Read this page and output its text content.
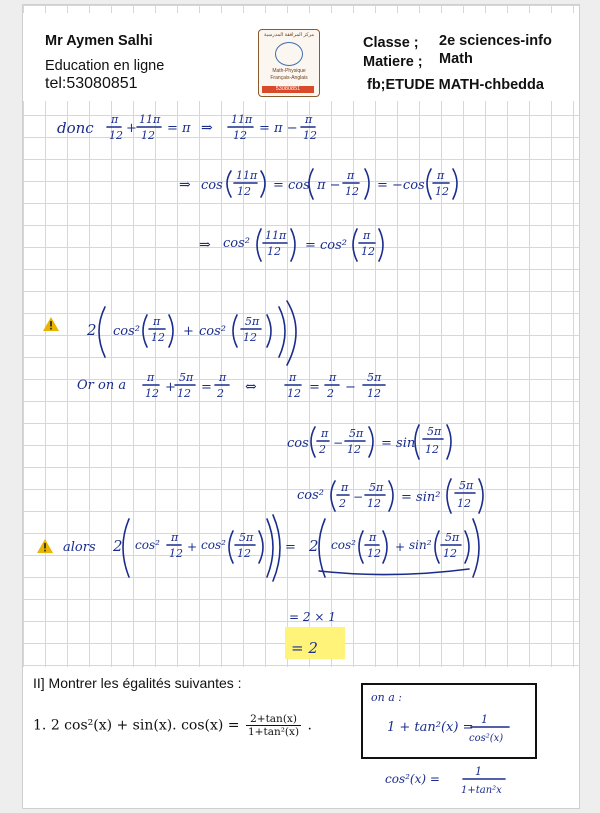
Mr Aymen Salhi
Education en ligne
tel:53080851
مركز المرافقة المدرسية
Math-Physique
Français-Anglais
53080851
Classe ; 2e sciences-info
Matiere ; Math
fb;ETUDE MATH-chbedda
donc π
12 +
11π
12 = π ⇒
11π
12 = π −
π
12
⇒ cos
11π
12 = cos π −
π
12 = −cos
π
12
⇒ cos²
11π
12 = cos²
π
12
2 cos²
π
12 + cos²
5π
12
Or on a
π
12 +
5π
12 =
π
2 ⇔
π
12 =
π
2 −
5π
12
cos
π
2 −
5π
12 = sin
5π
12
cos²
π
2 −
5π
12 = sin²
5π
12
alors 2 cos²
π
12 + cos²
5π
12	= 2 cos²
π
12 + sin²
5π
12
= 2 × 1
= 2
II] Montrer les égalités suivantes :
1. 2 cos²(x) + sin(x). $\cos(x) = \frac{2+\tan(x)}{\text{1+tan²(x)}}$ .
on a :
1 + tan²(x) =
1
cos²(x)
cos²(x) =
1
1+tan²x
